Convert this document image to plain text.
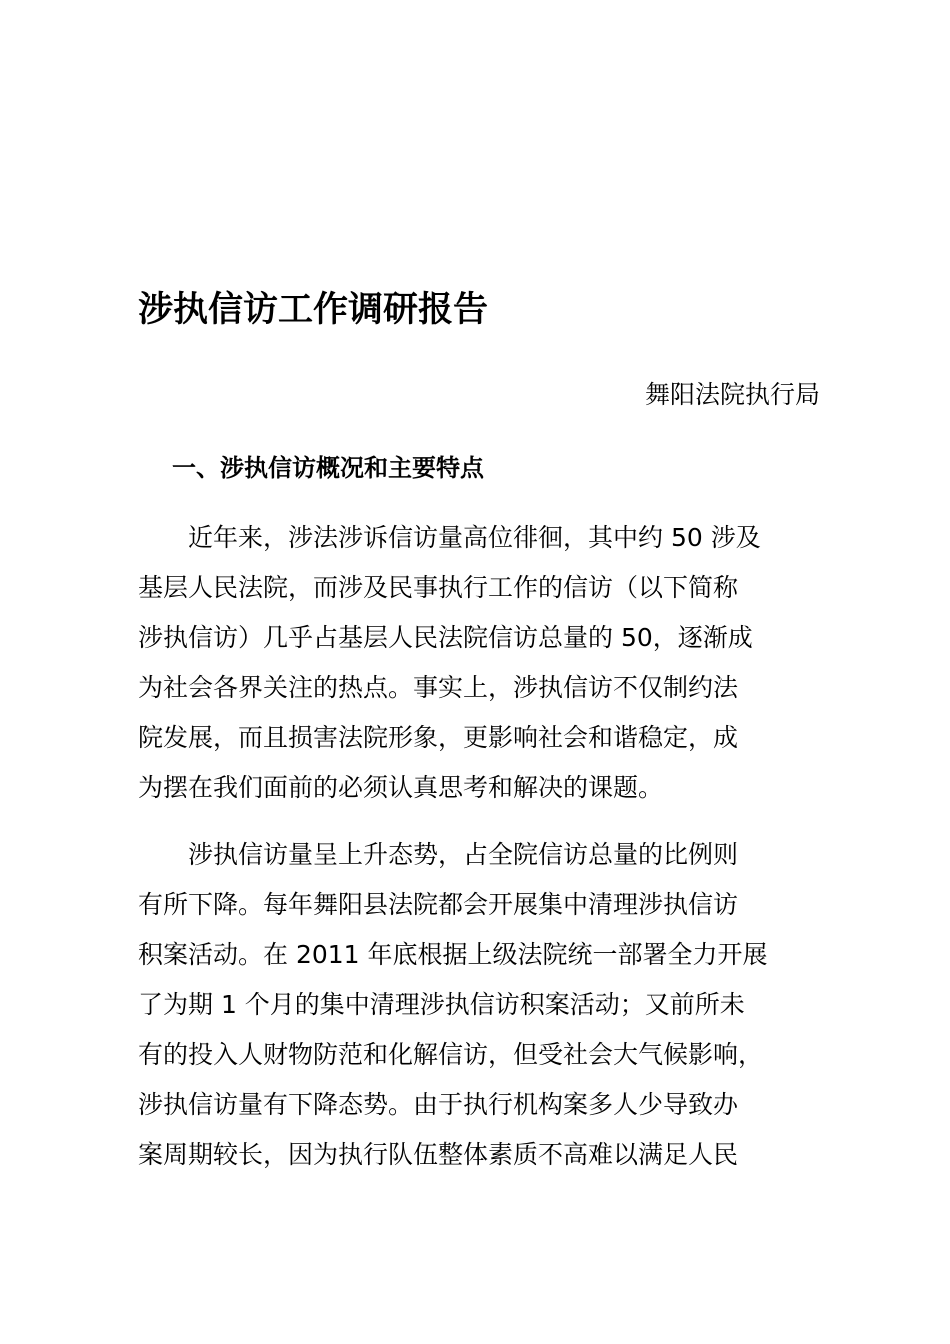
涉执信访工作调研报告
舞阳法院执行局
一、涉执信访概况和主要特点
近年来，涉法涉诉信访量高位徘徊，其中约 50 涉及
基层人民法院，而涉及民事执行工作的信访（以下简称
涉执信访）几乎占基层人民法院信访总量的 50，逐渐成
为社会各界关注的热点。事实上，涉执信访不仅制约法
院发展，而且损害法院形象，更影响社会和谐稳定，成
为摆在我们面前的必须认真思考和解决的课题。
涉执信访量呈上升态势，占全院信访总量的比例则
有所下降。每年舞阳县法院都会开展集中清理涉执信访
积案活动。在 2011 年底根据上级法院统一部署全力开展
了为期 1 个月的集中清理涉执信访积案活动；又前所未
有的投入人财物防范和化解信访，但受社会大气候影响，
涉执信访量有下降态势。由于执行机构案多人少导致办
案周期较长，因为执行队伍整体素质不高难以满足人民
